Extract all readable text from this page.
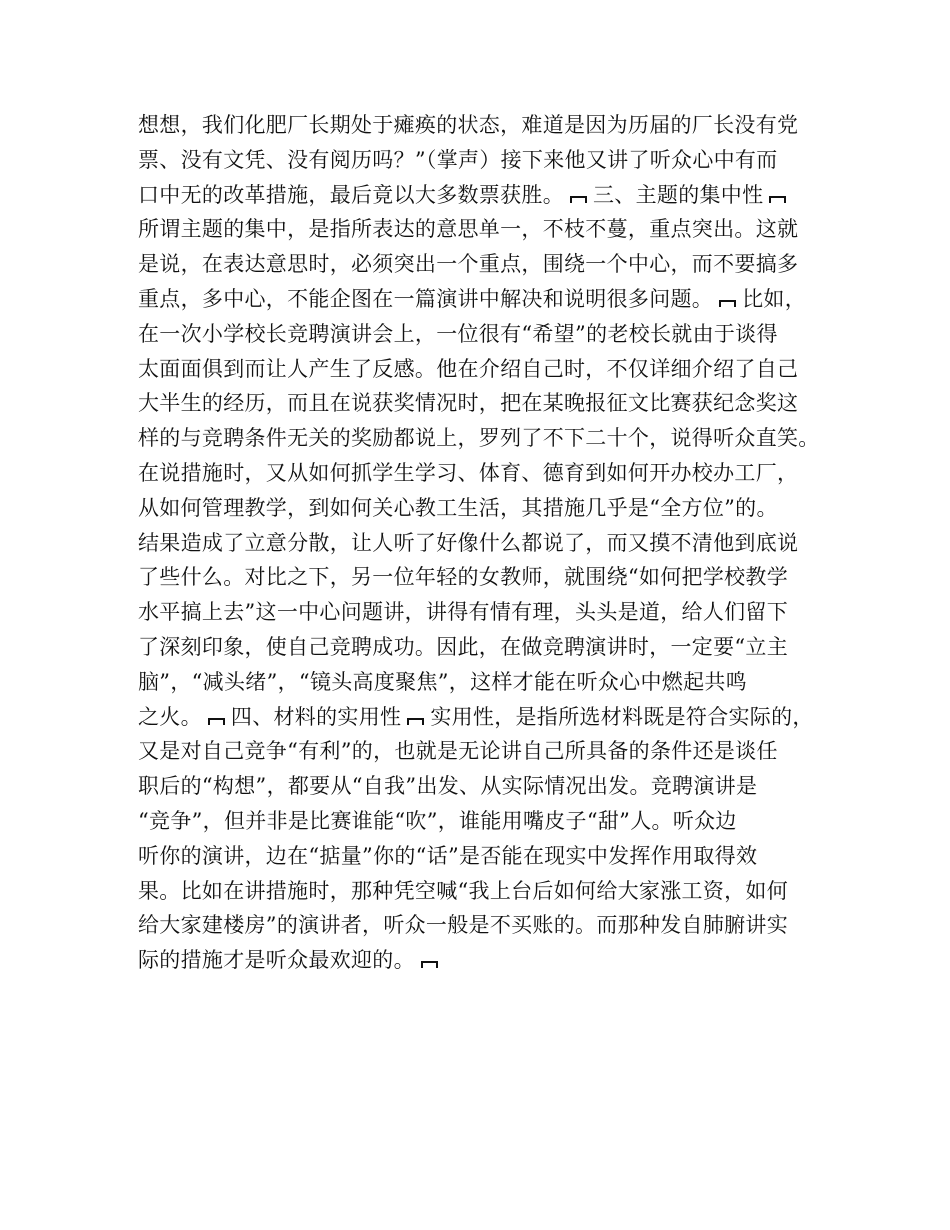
想想，我们化肥厂长期处于瘫痪的状态，难道是因为历届的厂长没有党
票、没有文凭、没有阅历吗？”（掌声）接下来他又讲了听众心中有而
口中无的改革措施，最后竟以大多数票获胜。 三、主题的集中性
所谓主题的集中，是指所表达的意思单一，不枝不蔓，重点突出。这就
是说，在表达意思时，必须突出一个重点，围绕一个中心，而不要搞多
重点，多中心，不能企图在一篇演讲中解决和说明很多问题。 比如，
在一次小学校长竞聘演讲会上，一位很有“希望”的老校长就由于谈得
太面面俱到而让人产生了反感。他在介绍自己时，不仅详细介绍了自己
大半生的经历，而且在说获奖情况时，把在某晚报征文比赛获纪念奖这
样的与竞聘条件无关的奖励都说上，罗列了不下二十个，说得听众直笑。
在说措施时，又从如何抓学生学习、体育、德育到如何开办校办工厂，
从如何管理教学，到如何关心教工生活，其措施几乎是“全方位”的。
结果造成了立意分散，让人听了好像什么都说了，而又摸不清他到底说
了些什么。对比之下，另一位年轻的女教师，就围绕“如何把学校教学
水平搞上去”这一中心问题讲，讲得有情有理，头头是道，给人们留下
了深刻印象，使自己竞聘成功。因此，在做竞聘演讲时，一定要“立主
脑”，“减头绪”，“镜头高度聚焦”，这样才能在听众心中燃起共鸣
之火。 四、材料的实用性 实用性，是指所选材料既是符合实际的，
又是对自己竞争“有利”的，也就是无论讲自己所具备的条件还是谈任
职后的“构想”，都要从“自我”出发、从实际情况出发。竞聘演讲是
“竞争”，但并非是比赛谁能“吹”，谁能用嘴皮子“甜”人。听众边
听你的演讲，边在“掂量”你的“话”是否能在现实中发挥作用取得效
果。比如在讲措施时，那种凭空喊“我上台后如何给大家涨工资，如何
给大家建楼房”的演讲者，听众一般是不买账的。而那种发自肺腑讲实
际的措施才是听众最欢迎的。
